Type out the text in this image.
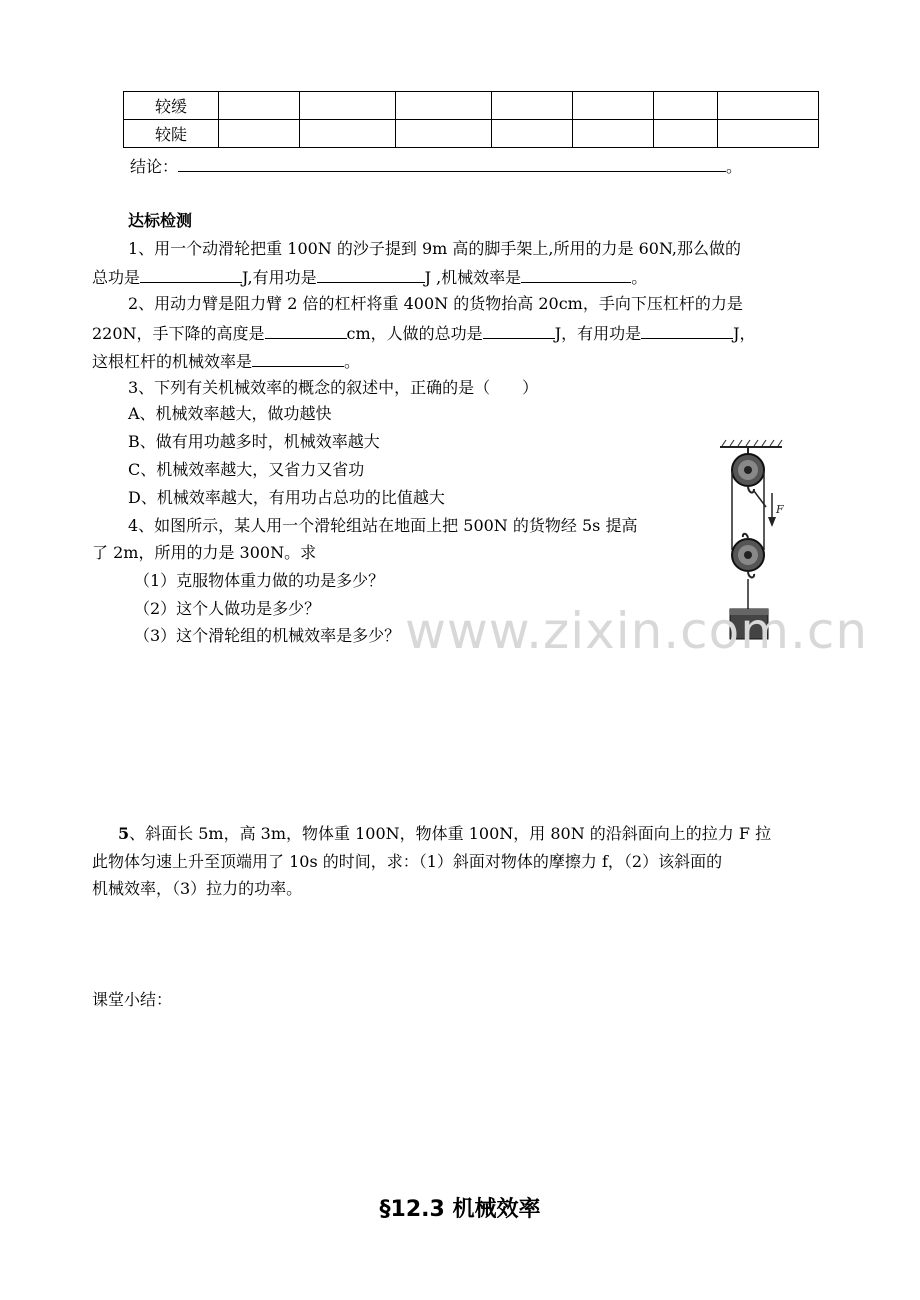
较缓							
较陡							
结论：	。
达标检测
1、用一个动滑轮把重 100N 的沙子提到 9m 高的脚手架上,所用的力是 60N,那么做的
总功是	J,有用功是	J ,机械效率是	。
2、用动力臂是阻力臂 2 倍的杠杆将重 400N 的货物抬高 20cm，手向下压杠杆的力是
220N，手下降的高度是	cm，人做的总功是	J，有用功是	J，
这根杠杆的机械效率是	。
3、下列有关机械效率的概念的叙述中，正确的是（　　）
A、机械效率越大，做功越快
B、做有用功越多时，机械效率越大
C、机械效率越大，又省力又省功
D、机械效率越大，有用功占总功的比值越大
4、如图所示，某人用一个滑轮组站在地面上把 500N 的货物经 5s 提高
了 2m，所用的力是 300N。求
（1）克服物体重力做的功是多少？
（2）这个人做功是多少？
（3）这个滑轮组的机械效率是多少？
F
www.zixin.com.cn
5、斜面长 5m，高 3m，物体重 100N，物体重 100N，用 80N 的沿斜面向上的拉力 F 拉
此物体匀速上升至顶端用了 10s 的时间，求：（1）斜面对物体的摩擦力 f，（2）该斜面的
机械效率，（3）拉力的功率。
课堂小结：
§12.3 机械效率
